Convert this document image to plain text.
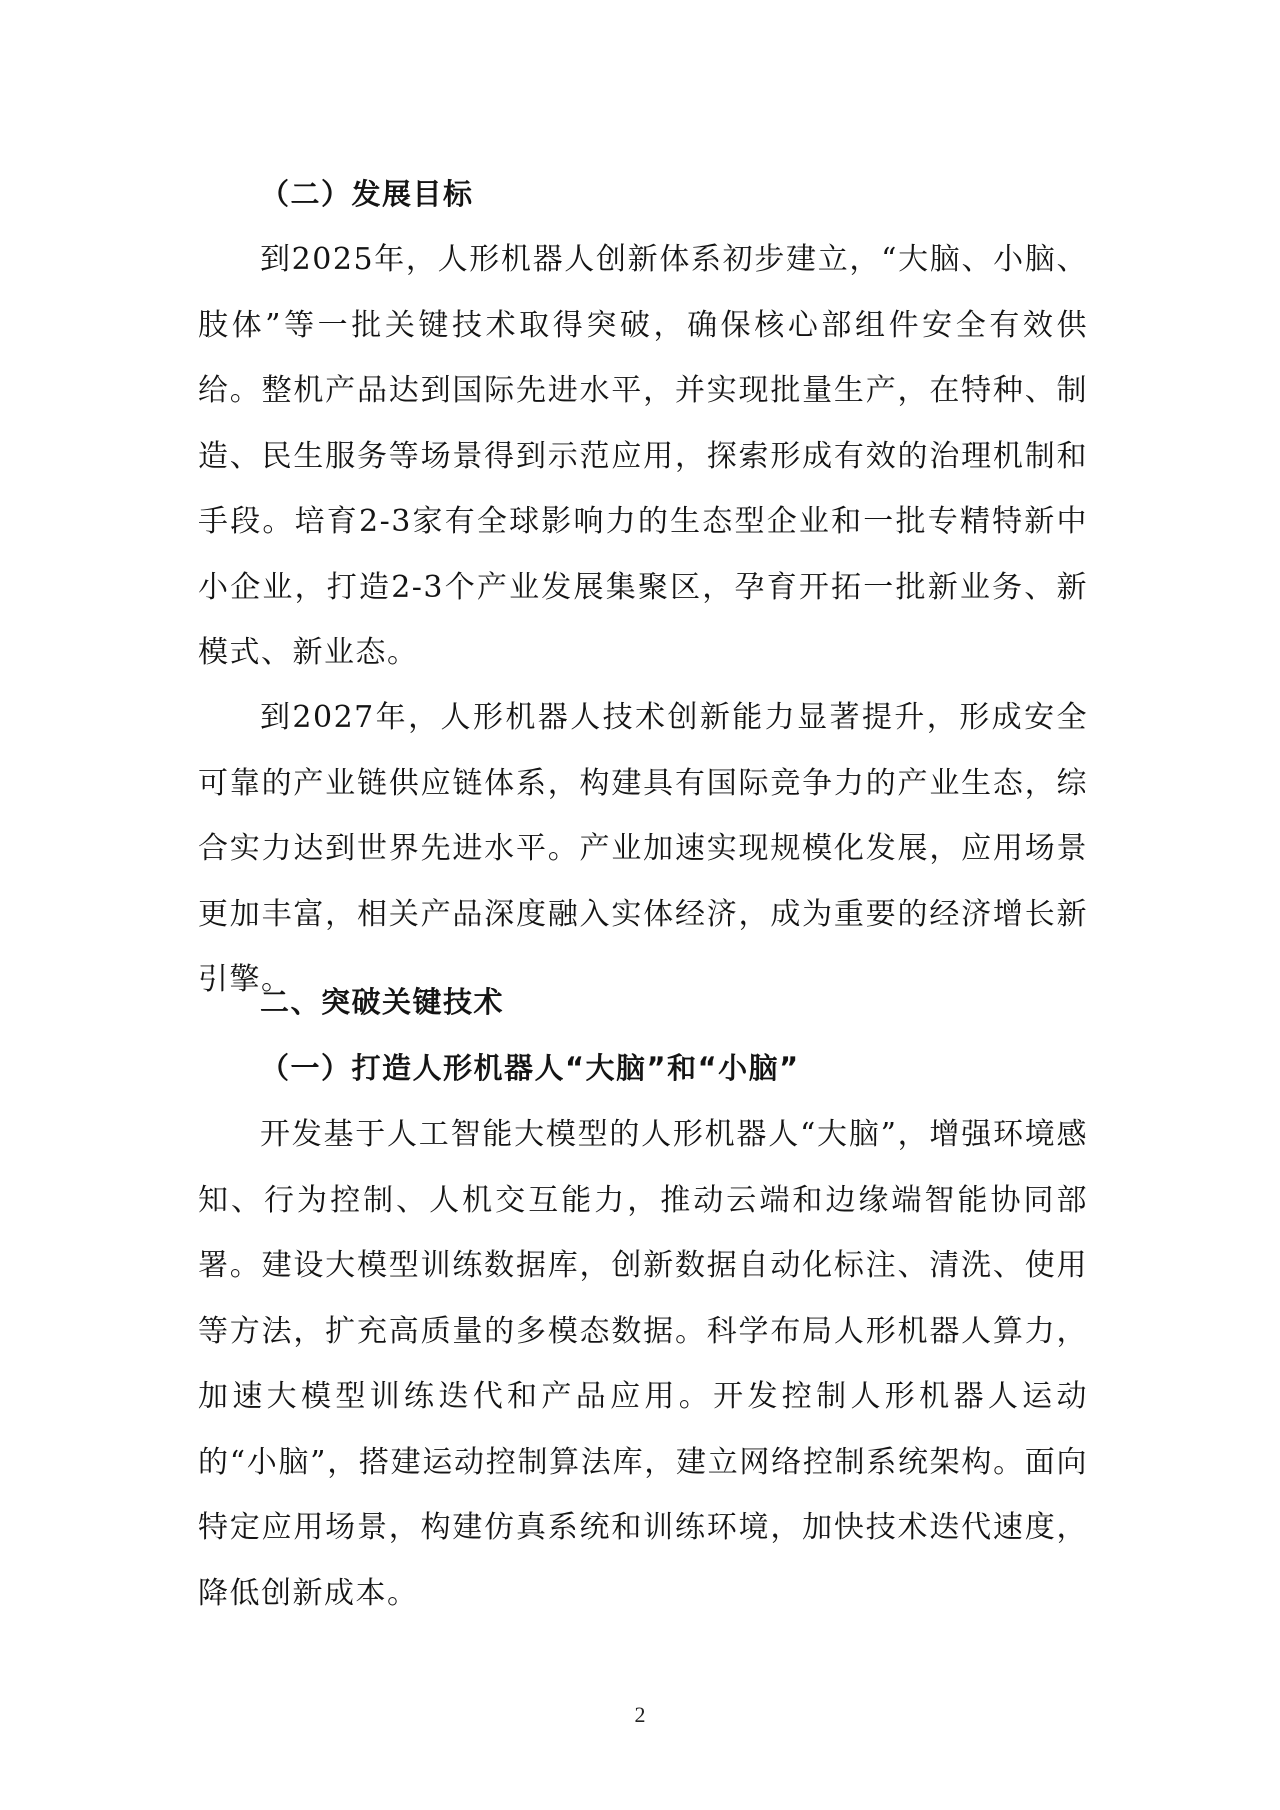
（二）发展目标
到2025年，人形机器人创新体系初步建立，“大脑、小脑、肢体”等一批关键技术取得突破，确保核心部组件安全有效供给。整机产品达到国际先进水平，并实现批量生产，在特种、制造、民生服务等场景得到示范应用，探索形成有效的治理机制和手段。培育2-3家有全球影响力的生态型企业和一批专精特新中小企业，打造2-3个产业发展集聚区，孕育开拓一批新业务、新模式、新业态。
到2027年，人形机器人技术创新能力显著提升，形成安全可靠的产业链供应链体系，构建具有国际竞争力的产业生态，综合实力达到世界先进水平。产业加速实现规模化发展，应用场景更加丰富，相关产品深度融入实体经济，成为重要的经济增长新引擎。
二、突破关键技术
（一）打造人形机器人“大脑”和“小脑”
开发基于人工智能大模型的人形机器人“大脑”，增强环境感知、行为控制、人机交互能力，推动云端和边缘端智能协同部署。建设大模型训练数据库，创新数据自动化标注、清洗、使用等方法，扩充高质量的多模态数据。科学布局人形机器人算力，加速大模型训练迭代和产品应用。开发控制人形机器人运动的“小脑”，搭建运动控制算法库，建立网络控制系统架构。面向特定应用场景，构建仿真系统和训练环境，加快技术迭代速度，降低创新成本。
2
